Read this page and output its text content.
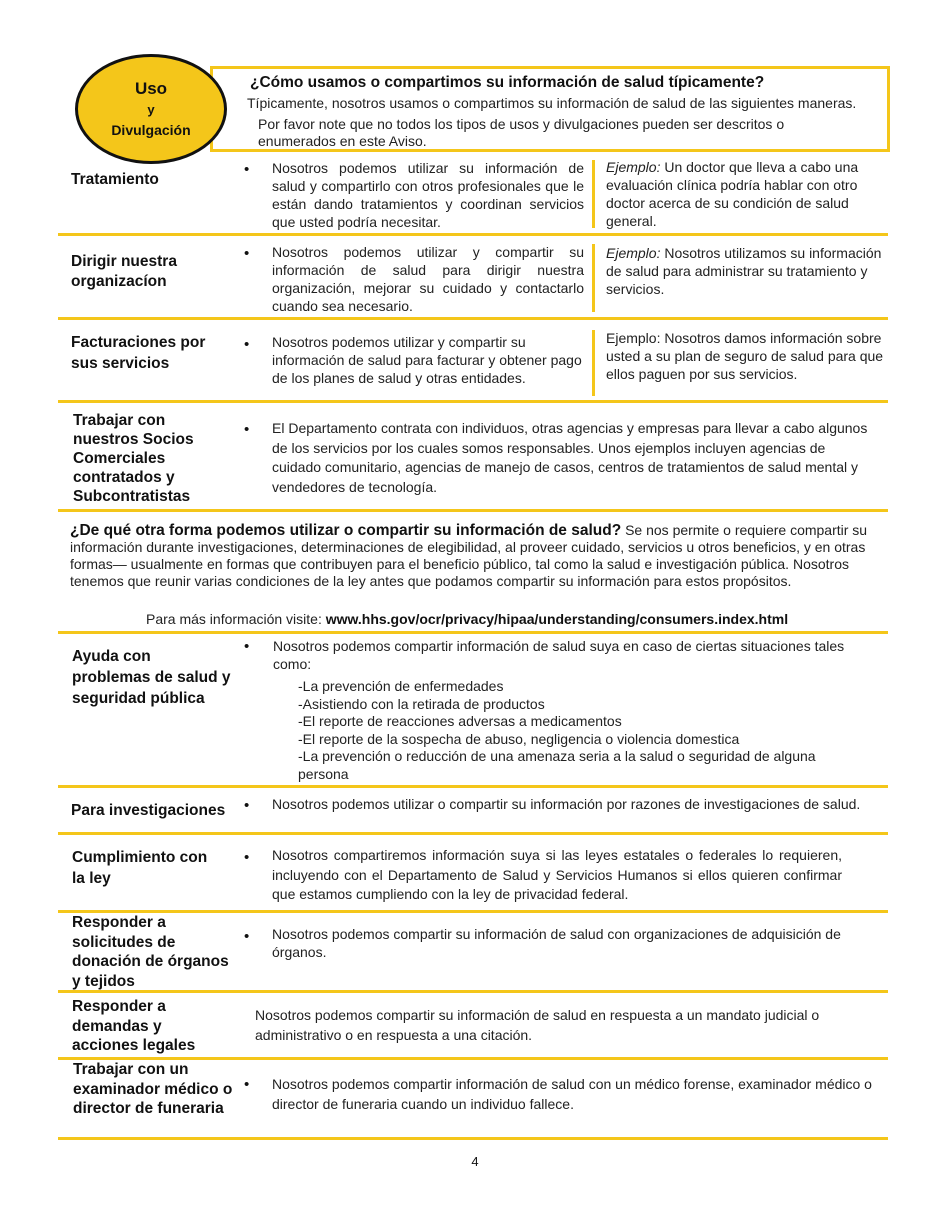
Uso
y
Divulgación
¿Cómo usamos o compartimos su información de salud típicamente?
Típicamente, nosotros usamos o compartimos su información de salud de las siguientes maneras.
Por favor note que no todos los tipos de usos y divulgaciones pueden ser descritos o enumerados en este Aviso.
Tratamiento
• Nosotros podemos utilizar su información de salud y compartirlo con otros profesionales que le están dando tratamientos y coordinan servicios que usted podría necesitar.
Ejemplo: Un doctor que lleva a cabo una evaluación clínica podría hablar con otro doctor acerca de su condición de salud general.
Dirigir nuestra organizacíon
• Nosotros podemos utilizar y compartir su información de salud para dirigir nuestra organización, mejorar su cuidado y contactarlo cuando sea necesario.
Ejemplo: Nosotros utilizamos su información de salud para administrar su tratamiento y servicios.
Facturaciones por sus servicios
• Nosotros podemos utilizar y compartir su información de salud para facturar y obtener pago de los planes de salud y otras entidades.
Ejemplo: Nosotros damos información sobre usted a su plan de seguro de salud para que ellos paguen por sus servicios.
Trabajar con nuestros Socios Comerciales contratados y Subcontratistas
• El Departamento contrata con individuos, otras agencias y empresas para llevar a cabo algunos de los servicios por los cuales somos responsables. Unos ejemplos incluyen agencias de cuidado comunitario, agencias de manejo de casos, centros de tratamientos de salud mental y vendedores de tecnología.
¿De qué otra forma podemos utilizar o compartir su información de salud? Se nos permite o requiere compartir su información durante investigaciones, determinaciones de elegibilidad, al proveer cuidado, servicios u otros beneficios, y en otras formas— usualmente en formas que contribuyen para el beneficio público, tal como la salud e investigación pública. Nosotros tenemos que reunir varias condiciones de la ley antes que podamos compartir su información para estos propósitos.
Para más información visite: www.hhs.gov/ocr/privacy/hipaa/understanding/consumers.index.html
Ayuda con problemas de salud y seguridad pública
• Nosotros podemos compartir información de salud suya en caso de ciertas situaciones tales como:
-La prevención de enfermedades
-Asistiendo con la retirada de productos
-El reporte de reacciones adversas a medicamentos
-El reporte de la sospecha de abuso, negligencia o violencia domestica
-La prevención o reducción de una amenaza seria a la salud o seguridad de alguna persona
Para investigaciones	• Nosotros podemos utilizar o compartir su información por razones de investigaciones de salud.
Cumplimiento con la ley
• Nosotros compartiremos información suya si las leyes estatales o federales lo requieren, incluyendo con el Departamento de Salud y Servicios Humanos si ellos quieren confirmar que estamos cumpliendo con la ley de privacidad federal.
Responder a solicitudes de donación de órganos y tejidos
• Nosotros podemos compartir su información de salud con organizaciones de adquisición de órganos.
Responder a demandas y acciones legales
Nosotros podemos compartir su información de salud en respuesta a un mandato judicial o administrativo o en respuesta a una citación.
Trabajar con un examinador médico o director de funeraria
• Nosotros podemos compartir información de salud con un médico forense, examinador médico o director de funeraria cuando un individuo fallece.
4
